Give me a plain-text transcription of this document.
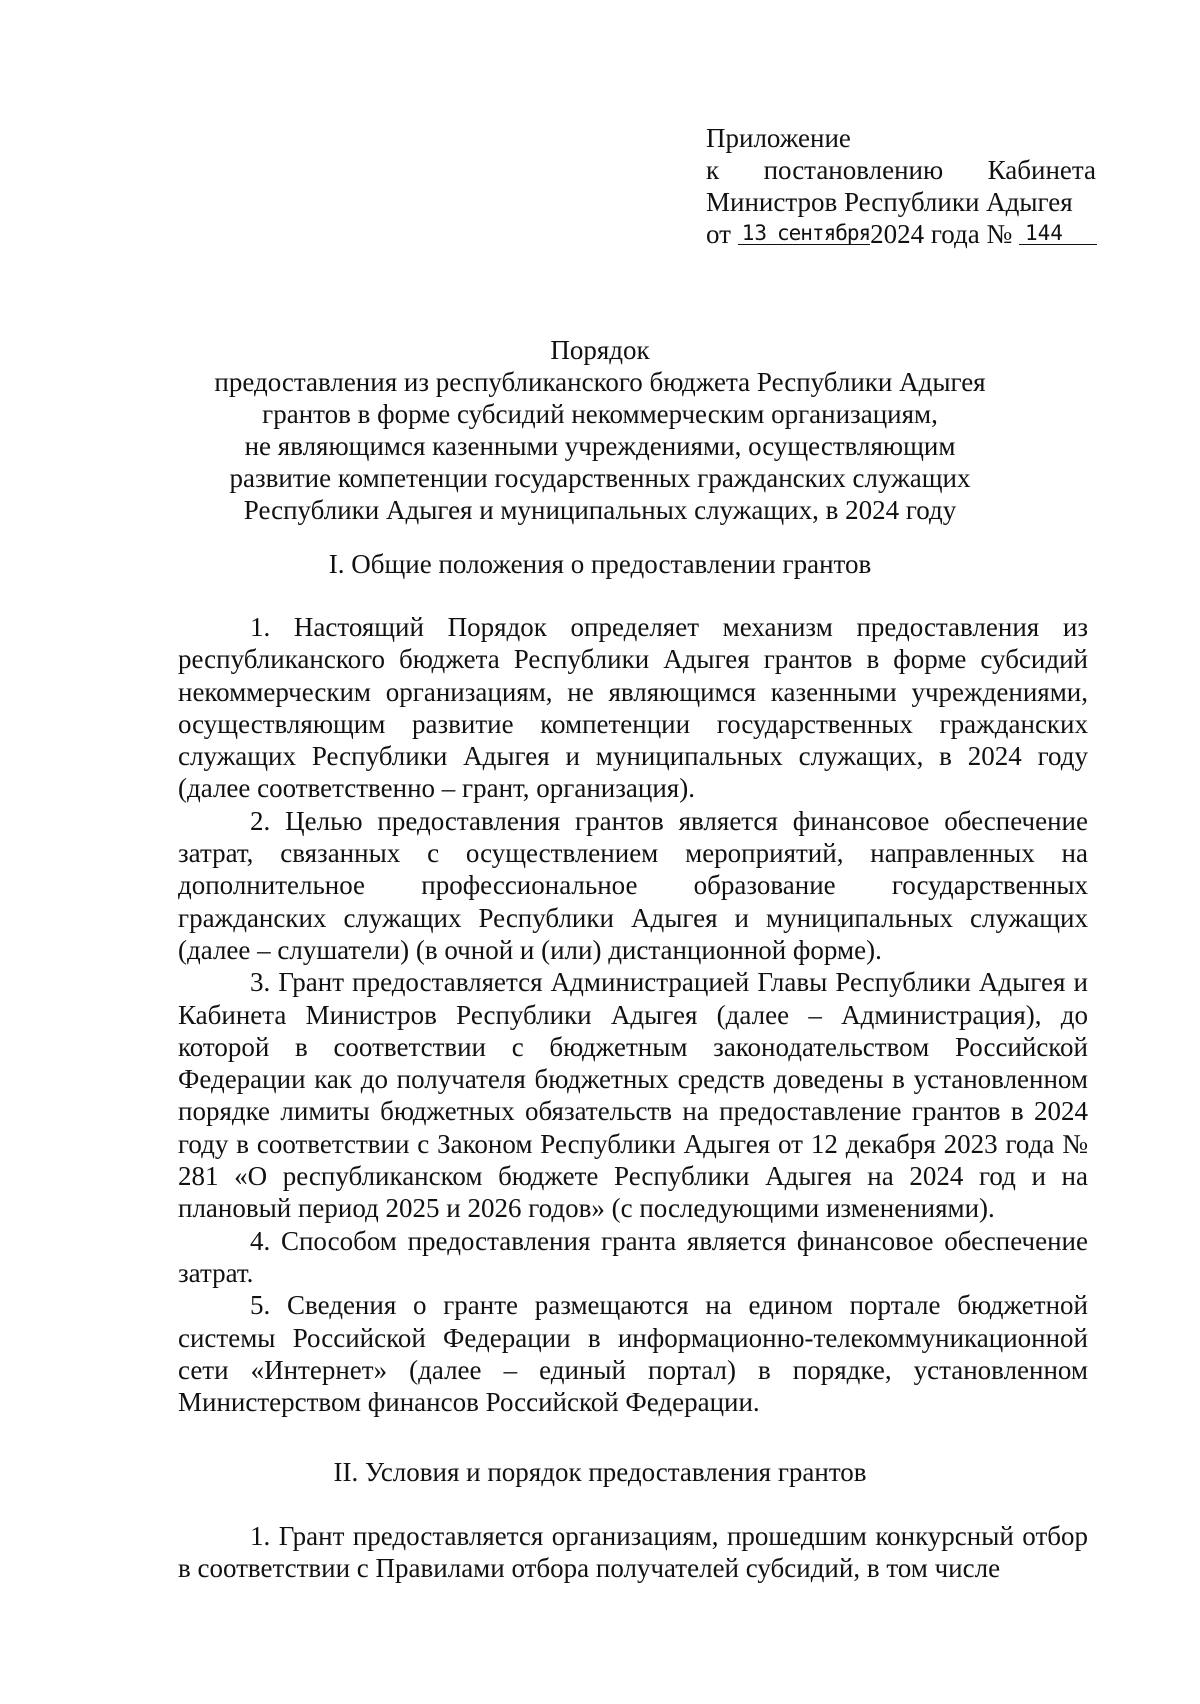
Приложение
к постановлению Кабинета
Министров Республики Адыгея
от 13 сентября2024 года № 144
Порядок
предоставления из республиканского бюджета Республики Адыгея
грантов в форме субсидий некоммерческим организациям,
не являющимся казенными учреждениями, осуществляющим
развитие компетенции государственных гражданских служащих
Республики Адыгея и муниципальных служащих, в 2024 году
I. Общие положения о предоставлении грантов

1. Настоящий Порядок определяет механизм предоставления из республиканского бюджета Республики Адыгея грантов в форме субсидий некоммерческим организациям, не являющимся казенными учреждениями, осуществляющим развитие компетенции государственных гражданских служащих Республики Адыгея и муниципальных служащих, в 2024 году (далее соответственно – грант, организация).

2. Целью предоставления грантов является финансовое обеспечение затрат, связанных с осуществлением мероприятий, направленных на дополнительное профессиональное образование государственных гражданских служащих Республики Адыгея и муниципальных служащих (далее – слушатели) (в очной и (или) дистанционной форме).

3. Грант предоставляется Администрацией Главы Республики Адыгея и Кабинета Министров Республики Адыгея (далее – Администрация), до которой в соответствии с бюджетным законодательством Российской Федерации как до получателя бюджетных средств доведены в установленном порядке лимиты бюджетных обязательств на предоставление грантов в 2024 году в соответствии с Законом Республики Адыгея от 12 декабря 2023 года № 281 «О республиканском бюджете Республики Адыгея на 2024 год и на плановый период 2025 и 2026 годов» (с последующими изменениями).

4. Способом предоставления гранта является финансовое обеспечение затрат.

5. Сведения о гранте размещаются на едином портале бюджетной системы Российской Федерации в информационно-телекоммуникационной сети «Интернет» (далее – единый портал) в порядке, установленном Министерством финансов Российской Федерации.

II. Условия и порядок предоставления грантов

1. Грант предоставляется организациям, прошедшим конкурсный отбор в соответствии с Правилами отбора получателей субсидий, в том числе
